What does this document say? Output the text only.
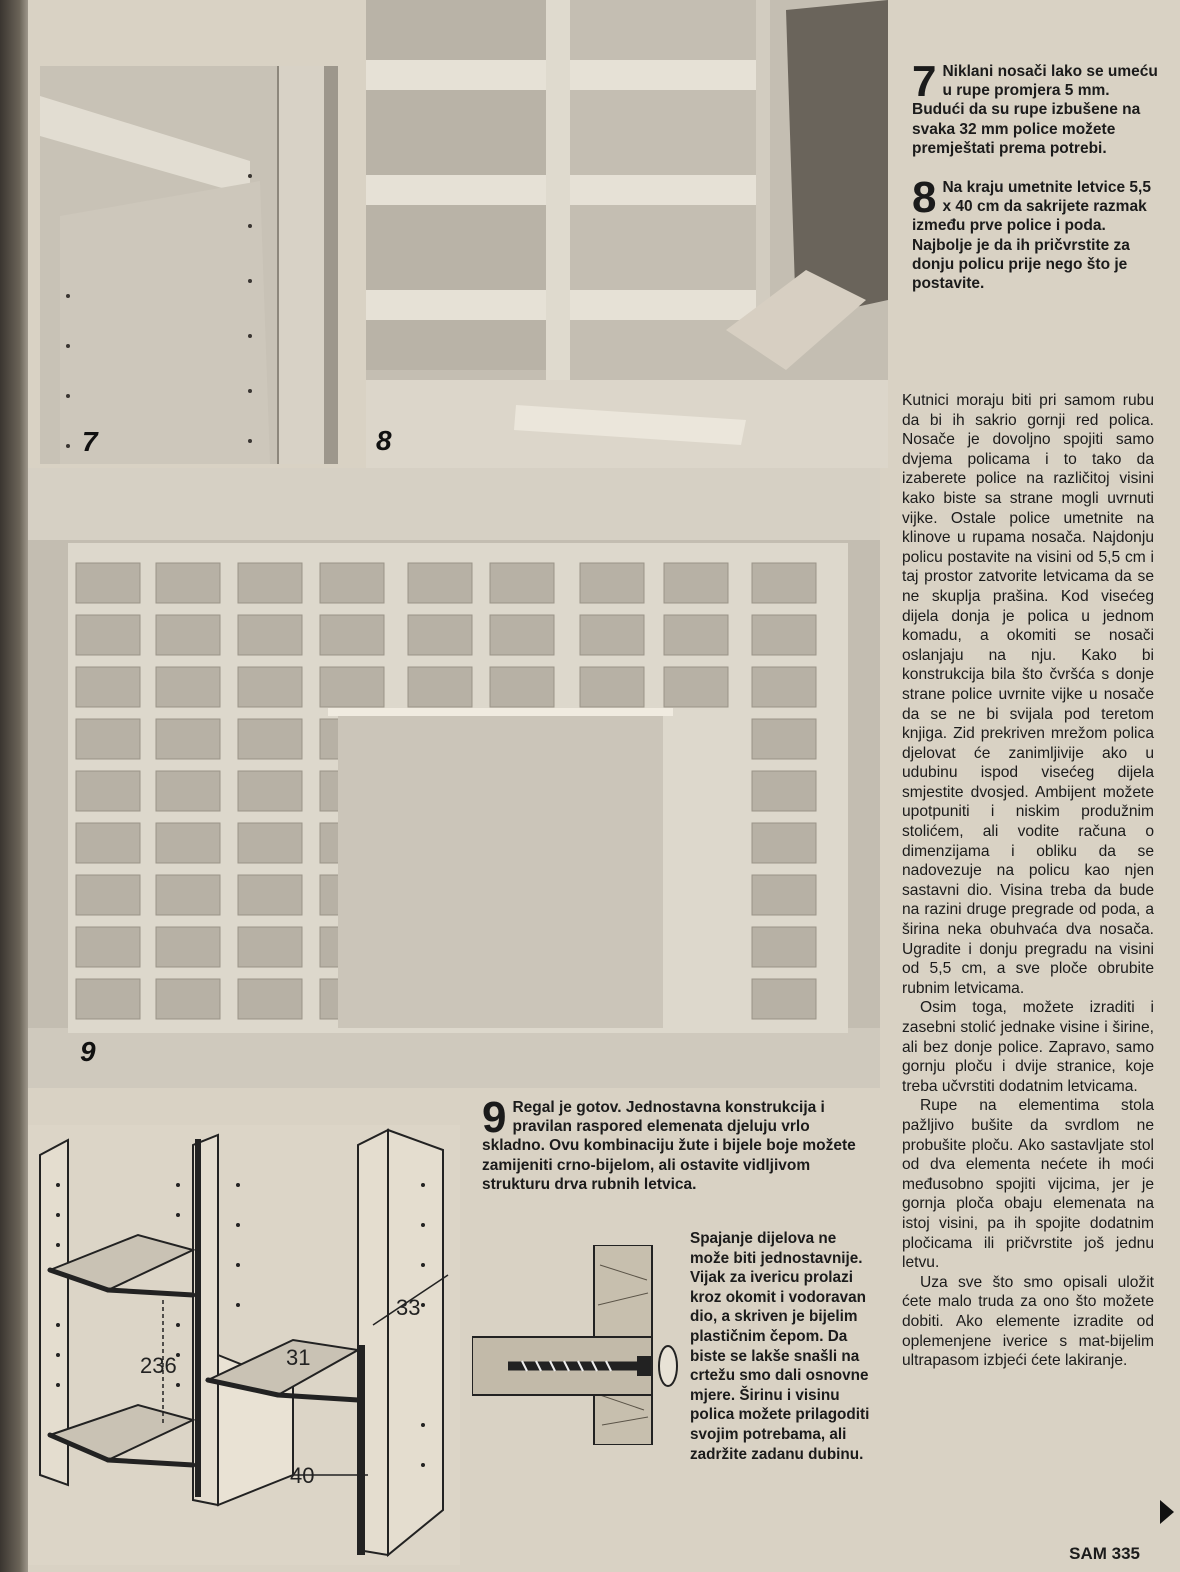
7	8
7 Niklani nosači lako se umeću u rupe promjera 5 mm. Budući da su rupe izbušene na svaka 32 mm police možete premještati prema potrebi.
8 Na kraju umetnite letvice 5,5 x 40 cm da sakrijete razmak između prve police i poda. Najbolje je da ih pričvrstite za donju policu prije nego što je postavite.
9
9 Regal je gotov. Jednostavna konstrukcija i pravilan raspored elemenata djeluju vrlo skladno. Ovu kombinaciju žute i bijele boje možete zamijeniti crno-bijelom, ali ostavite vidljivom strukturu drva rubnih letvica.
236	31
33
40
Spajanje dijelova ne može biti jednostavnije. Vijak za ivericu prolazi kroz okomit i vodoravan dio, a skriven je bijelim plastičnim čepom. Da biste se lakše snašli na crtežu smo dali osnovne mjere. Širinu i visinu polica možete prilagoditi svojim potrebama, ali zadržite zadanu dubinu.

Kutnici moraju biti pri samom rubu da bi ih sakrio gornji red polica. Nosače je dovoljno spojiti samo dvjema policama i to tako da izaberete police na različitoj visini kako biste sa strane mogli uvrnuti vijke. Ostale police umetnite na klinove u rupama nosača. Najdonju policu postavite na visini od 5,5 cm i taj prostor zatvorite letvicama da se ne skuplja prašina. Kod visećeg dijela donja je polica u jednom komadu, a okomiti se nosači oslanjaju na nju. Kako bi konstrukcija bila što čvršća s donje strane police uvrnite vijke u nosače da se ne bi svijala pod teretom knjiga. Zid prekriven mrežom polica djelovat će zanimljivije ako u udubinu ispod visećeg dijela smjestite dvosjed. Ambijent možete upotpuniti i niskim produžnim stolićem, ali vodite računa o dimenzijama i obliku da se nadovezuje na policu kao njen sastavni dio. Visina treba da bude na razini druge pregrade od poda, a širina neka obuhvaća dva nosača. Ugradite i donju pregradu na visini od 5,5 cm, a sve ploče obrubite rubnim letvicama.

Osim toga, možete izraditi i zasebni stolić jednake visine i širine, ali bez donje police. Zapravo, samo gornju ploču i dvije stranice, koje treba učvrstiti dodatnim letvicama.

Rupe na elementima stola pažljivo bušite da svrdlom ne probušite ploču. Ako sastavljate stol od dva elementa nećete ih moći međusobno spojiti vijcima, jer je gornja ploča obaju elemenata na istoj visini, pa ih spojite dodatnim pločicama ili pričvrstite još jednu letvu.

Uza sve što smo opisali uložit ćete malo truda za ono što možete dobiti. Ako elemente izradite od oplemenjene iverice s mat-bijelim ultrapasom izbjeći ćete lakiranje.

SAM 335
